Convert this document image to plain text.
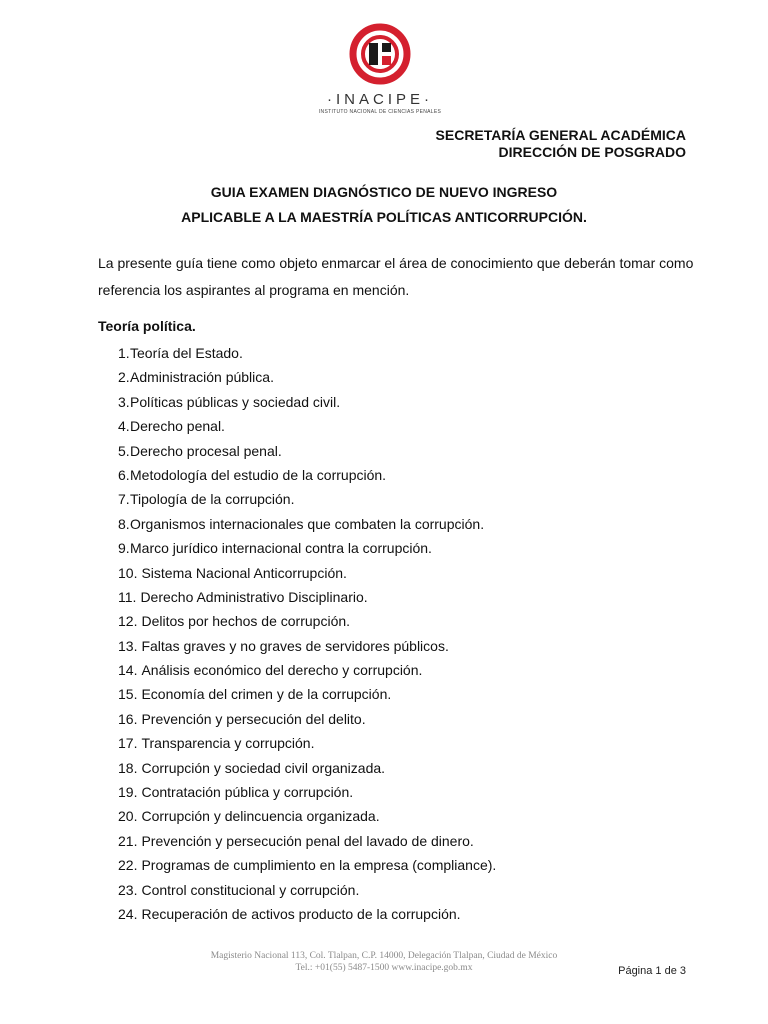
·INACIPE·
INSTITUTO NACIONAL DE CIENCIAS PENALES
SECRETARÍA GENERAL ACADÉMICA
DIRECCIÓN DE POSGRADO
GUIA EXAMEN DIAGNÓSTICO DE NUEVO INGRESO
APLICABLE A LA MAESTRÍA POLÍTICAS ANTICORRUPCIÓN.

La presente guía tiene como objeto enmarcar el área de conocimiento que deberán tomar como referencia los aspirantes al programa en mención.

Teoría política.
1.Teoría del Estado.
2.Administración pública.
3.Políticas públicas y sociedad civil.
4.Derecho penal.
5.Derecho procesal penal.
6.Metodología del estudio de la corrupción.
7.Tipología de la corrupción.
8.Organismos internacionales que combaten la corrupción.
9.Marco jurídico internacional contra la corrupción.
10. Sistema Nacional Anticorrupción.
11. Derecho Administrativo Disciplinario.
12. Delitos por hechos de corrupción.
13. Faltas graves y no graves de servidores públicos.
14. Análisis económico del derecho y corrupción.
15. Economía del crimen y de la corrupción.
16. Prevención y persecución del delito.
17. Transparencia y corrupción.
18. Corrupción y sociedad civil organizada.
19. Contratación pública y corrupción.
20. Corrupción y delincuencia organizada.
21. Prevención y persecución penal del lavado de dinero.
22. Programas de cumplimiento en la empresa (compliance).
23. Control constitucional y corrupción.
24. Recuperación de activos producto de la corrupción.
Magisterio Nacional 113, Col. Tlalpan, C.P. 14000, Delegación Tlalpan, Ciudad de México
Tel.: +01(55) 5487-1500 www.inacipe.gob.mx	Página 1 de 3
